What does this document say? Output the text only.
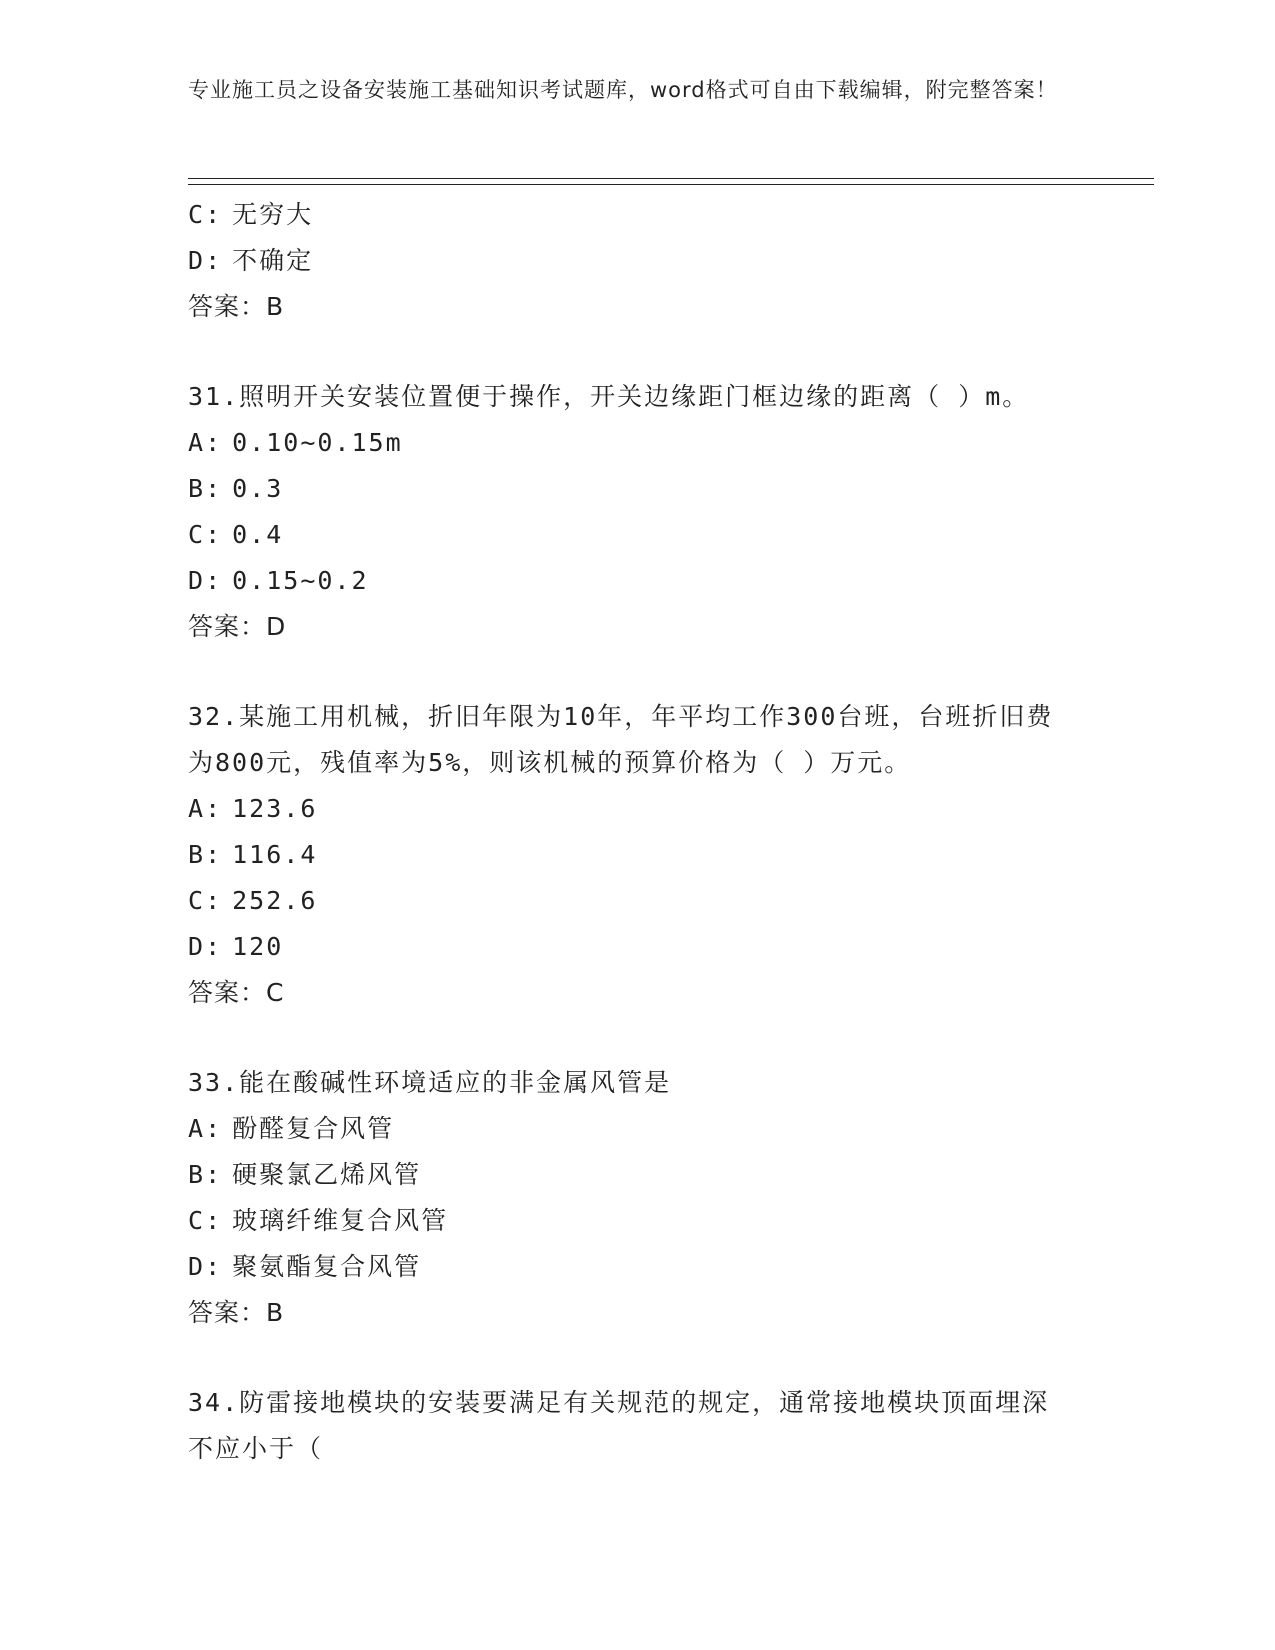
专业施工员之设备安装施工基础知识考试题库，word格式可自由下载编辑，附完整答案！
C: 无穷大
D: 不确定
答案：B
31.照明开关安装位置便于操作，开关边缘距门框边缘的距离（ ）m。
A: 0.10~0.15m
B: 0.3
C: 0.4
D: 0.15~0.2
答案：D
32.某施工用机械，折旧年限为10年，年平均工作300台班，台班折旧费为800元，残值率为5%，则该机械的预算价格为（ ）万元。
A: 123.6
B: 116.4
C: 252.6
D: 120
答案：C
33.能在酸碱性环境适应的非金属风管是
A: 酚醛复合风管
B: 硬聚氯乙烯风管
C: 玻璃纤维复合风管
D: 聚氨酯复合风管
答案：B
34.防雷接地模块的安装要满足有关规范的规定，通常接地模块顶面埋深不应小于（
